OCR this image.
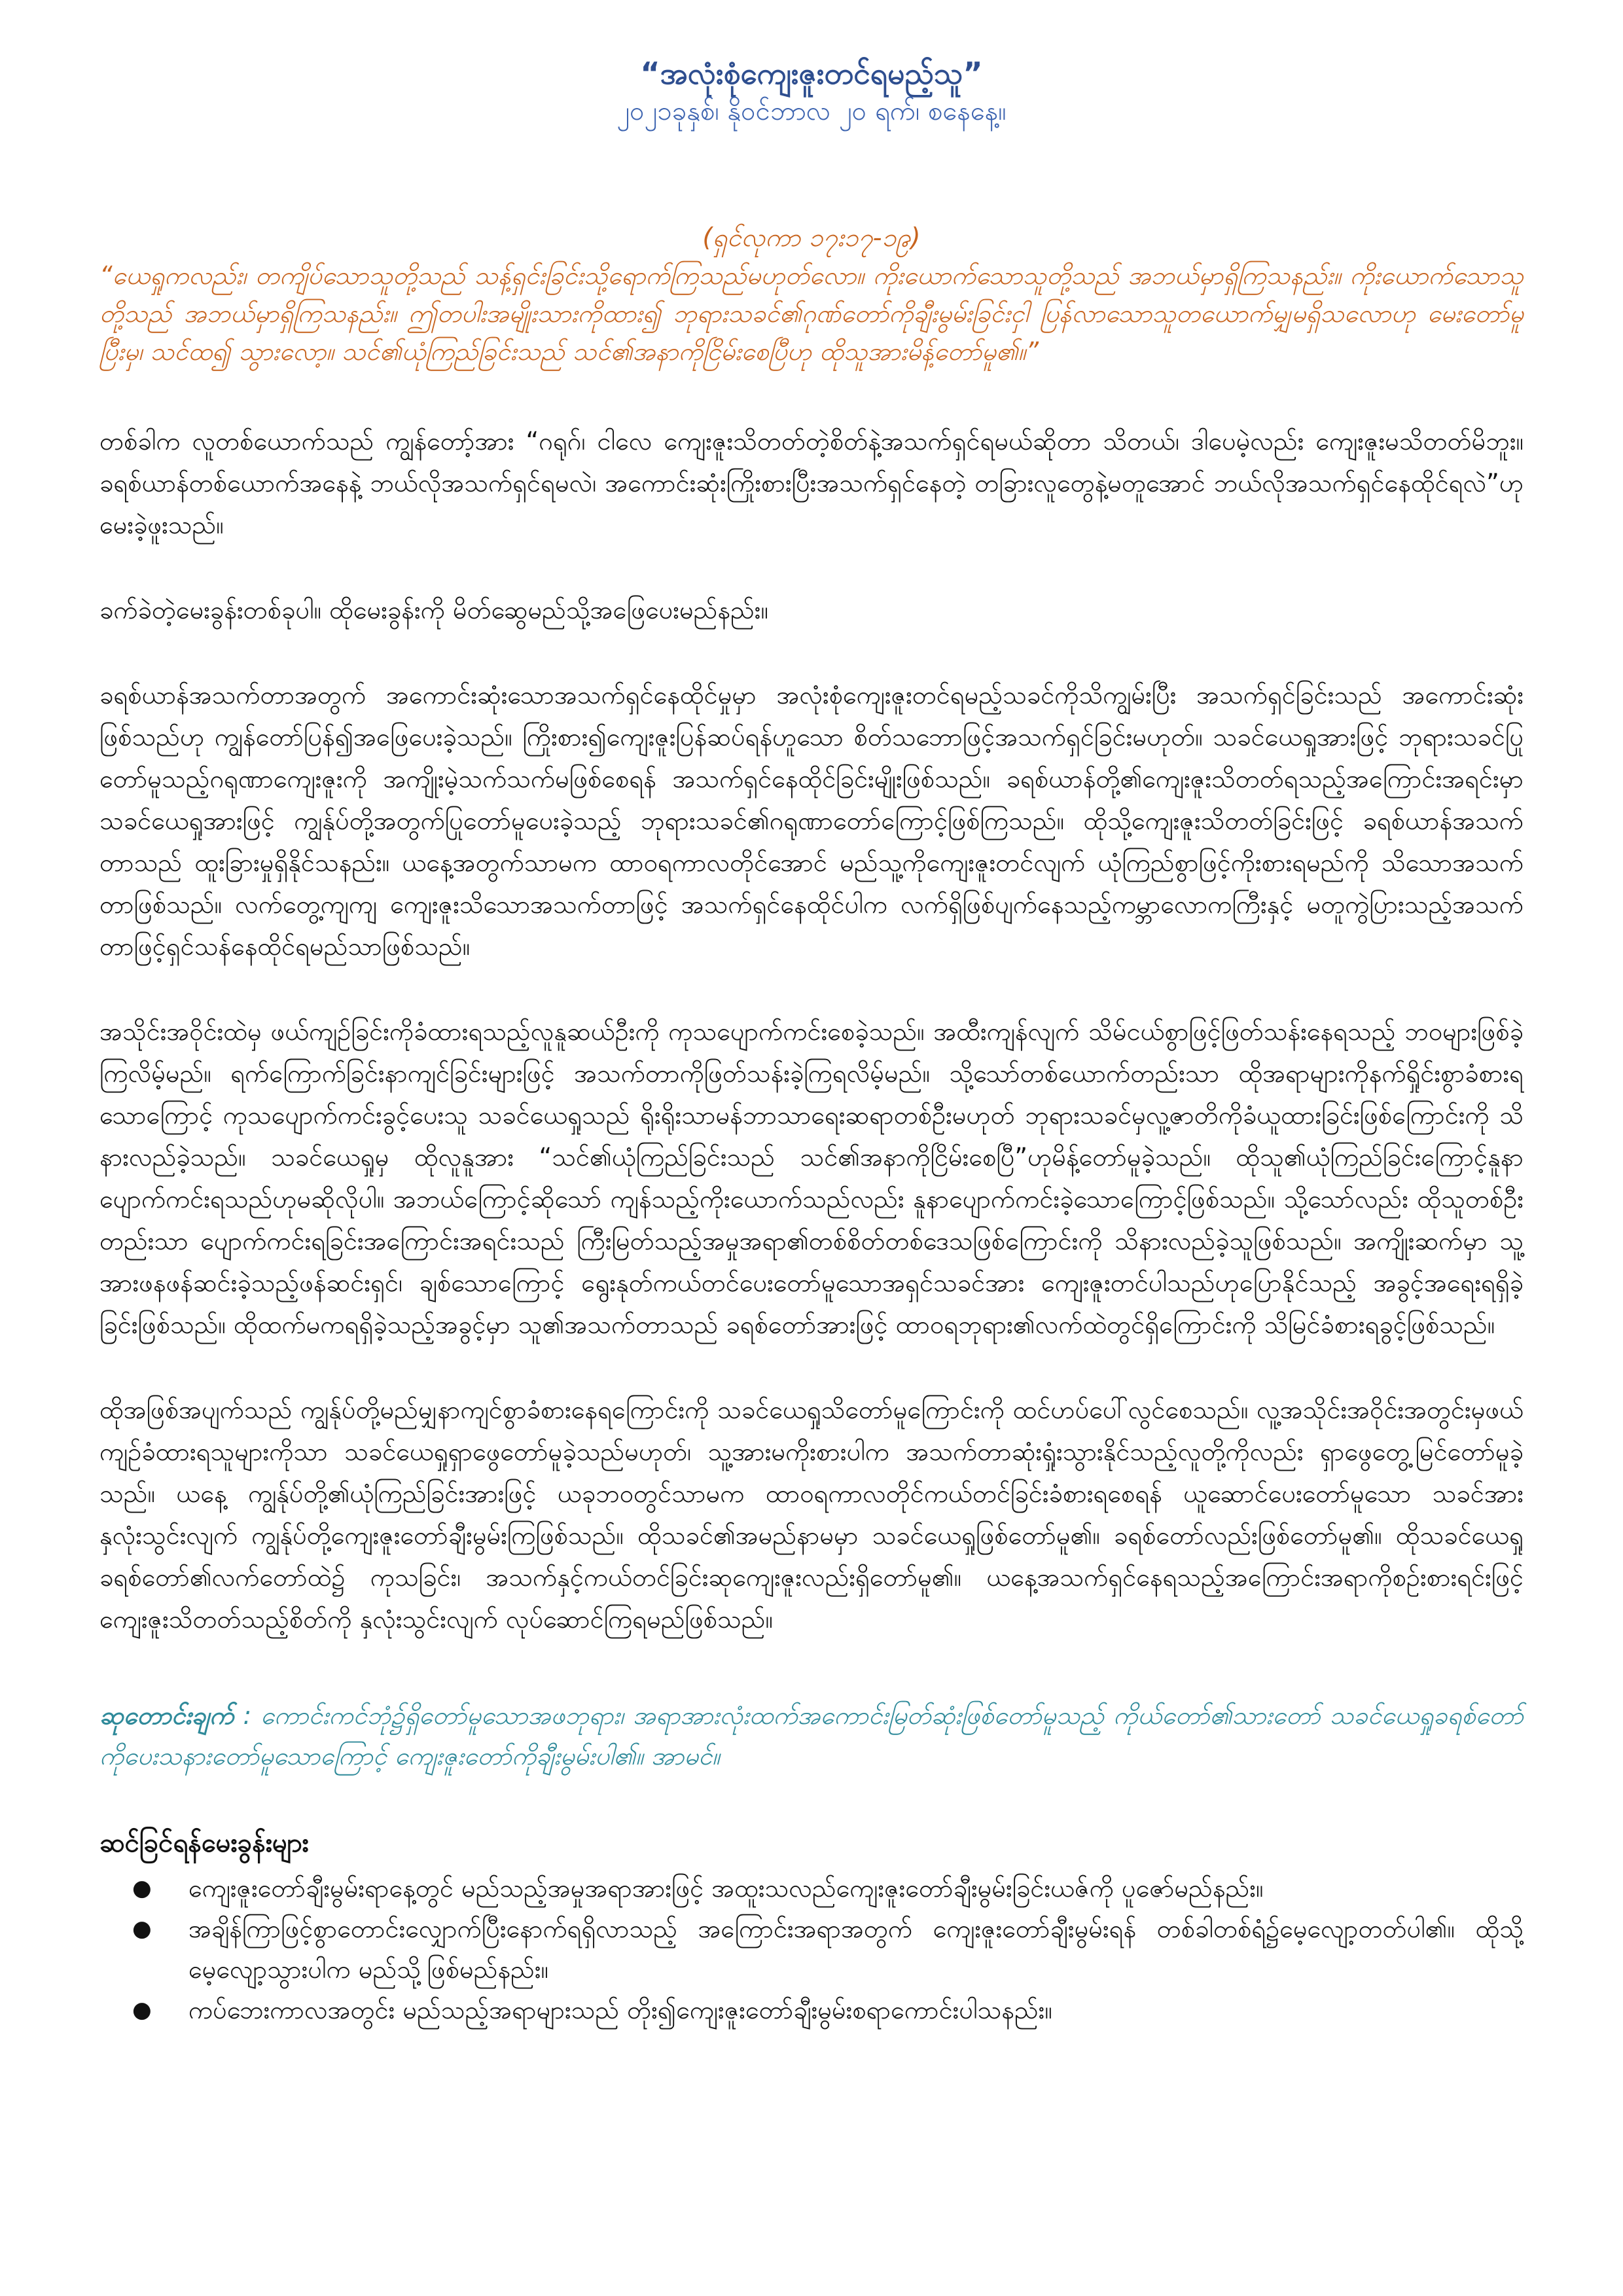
“အလုံးစုံကျေးဇူးတင်ရမည့်သူ”

၂၀၂၁ခုနှစ်၊ နိုဝင်ဘာလ ၂၀ ရက်၊ စနေနေ့။

(ရှင်လုကာ ၁၇း၁၇-၁၉)

“ယေရှုကလည်း၊ တကျိပ်သောသူတို့သည် သန့်ရှင်းခြင်းသို့ရောက်ကြသည်မဟုတ်လော။ ကိုးယောက်သောသူတို့သည် အဘယ်မှာရှိကြသနည်း။ ကိုးယောက်သောသူတို့သည် အဘယ်မှာရှိကြသနည်း။ ဤတပါးအမျိုးသားကိုထား၍ ဘုရားသခင်၏ဂုဏ်တော်ကိုချီးမွမ်းခြင်းငှါ ပြန်လာသောသူတယောက်မျှမရှိသလောဟု မေးတော်မူပြီးမှ၊ သင်ထ၍ သွားလော့။ သင်၏ယုံကြည်ခြင်းသည် သင်၏အနာကိုငြိမ်းစေပြီဟု ထိုသူအားမိန့်တော်မူ၏။”

တစ်ခါက လူတစ်ယောက်သည် ကျွန်တော့်အား “ဂရုဂ်၊ ငါလေ ကျေးဇူးသိတတ်တဲ့စိတ်နဲ့အသက်ရှင်ရမယ်ဆိုတာ သိတယ်၊ ဒါပေမဲ့လည်း ကျေးဇူးမသိတတ်မိဘူး။ ခရစ်ယာန်တစ်ယောက်အနေနဲ့ ဘယ်လိုအသက်ရှင်ရမလဲ၊ အကောင်းဆုံးကြိုးစားပြီးအသက်ရှင်နေတဲ့ တခြားလူတွေနဲ့မတူအောင် ဘယ်လိုအသက်ရှင်နေထိုင်ရလဲ”ဟုမေးခဲ့ဖူးသည်။

ခက်ခဲတဲ့မေးခွန်းတစ်ခုပါ။ ထိုမေးခွန်းကို မိတ်ဆွေမည်သို့အဖြေပေးမည်နည်း။

ခရစ်ယာန်အသက်တာအတွက် အကောင်းဆုံးသောအသက်ရှင်နေထိုင်မှုမှာ အလုံးစုံကျေးဇူးတင်ရမည့်သခင်ကိုသိကျွမ်းပြီး အသက်ရှင်ခြင်းသည် အကောင်းဆုံးဖြစ်သည်ဟု ကျွန်တော်ပြန်၍အဖြေပေးခဲ့သည်။ ကြိုးစား၍ကျေးဇူးပြန်ဆပ်ရန်ဟူသော စိတ်သဘောဖြင့်အသက်ရှင်ခြင်းမဟုတ်။ သခင်ယေရှုအားဖြင့် ဘုရားသခင်ပြုတော်မူသည့်ဂရုဏာကျေးဇူးကို အကျိုးမဲ့သက်သက်မဖြစ်စေရန် အသက်ရှင်နေထိုင်ခြင်းမျိုးဖြစ်သည်။ ခရစ်ယာန်တို့၏ကျေးဇူးသိတတ်ရသည့်အကြောင်းအရင်းမှာ သခင်ယေရှုအားဖြင့် ကျွန်ုပ်တို့အတွက်ပြုတော်မူပေးခဲ့သည့် ဘုရားသခင်၏ဂရုဏာတော်ကြောင့်ဖြစ်ကြသည်။ ထိုသို့ကျေးဇူးသိတတ်ခြင်းဖြင့် ခရစ်ယာန်အသက်တာသည် ထူးခြားမှုရှိနိုင်သနည်း။ ယနေ့အတွက်သာမက ထာဝရကာလတိုင်အောင် မည်သူ့ကိုကျေးဇူးတင်လျက် ယုံကြည်စွာဖြင့်ကိုးစားရမည်ကို သိသောအသက်တာဖြစ်သည်။ လက်တွေ့ကျကျ ကျေးဇူးသိသောအသက်တာဖြင့် အသက်ရှင်နေထိုင်ပါက လက်ရှိဖြစ်ပျက်နေသည့်ကမ္ဘာလောကကြီးနှင့် မတူကွဲပြားသည့်အသက်တာဖြင့်ရှင်သန်နေထိုင်ရမည်သာဖြစ်သည်။

အသိုင်းအဝိုင်းထဲမှ ဖယ်ကျဉ်ခြင်းကိုခံထားရသည့်လူနူဆယ်ဦးကို ကုသပျောက်ကင်းစေခဲ့သည်။ အထီးကျန်လျက် သိမ်ငယ်စွာဖြင့်ဖြတ်သန်းနေရသည့် ဘဝများဖြစ်ခဲ့ကြလိမ့်မည်။ ရက်ကြောက်ခြင်းနာကျင်ခြင်းများဖြင့် အသက်တာကိုဖြတ်သန်းခဲ့ကြရလိမ့်မည်။ သို့သော်တစ်ယောက်တည်းသာ ထိုအရာများကိုနက်ရှိုင်းစွာခံစားရသောကြောင့် ကုသပျောက်ကင်းခွင့်ပေးသူ သခင်ယေရှုသည် ရိုးရိုးသာမန်ဘာသာရေးဆရာတစ်ဦးမဟုတ် ဘုရားသခင်မှလူ့ဇာတိကိုခံယူထားခြင်းဖြစ်ကြောင်းကို သိနားလည်ခဲ့သည်။ သခင်ယေရှုမှ ထိုလူနူအား “သင်၏ယုံကြည်ခြင်းသည် သင်၏အနာကိုငြိမ်းစေပြီ”ဟုမိန့်တော်မူခဲ့သည်။ ထိုသူ၏ယုံကြည်ခြင်းကြောင့်နူနာပျောက်ကင်းရသည်ဟုမဆိုလိုပါ။ အဘယ်ကြောင့်ဆိုသော် ကျန်သည့်ကိုးယောက်သည်လည်း နူနာပျောက်ကင်းခဲ့သောကြောင့်ဖြစ်သည်။ သို့သော်လည်း ထိုသူတစ်ဦးတည်းသာ ပျောက်ကင်းရခြင်းအကြောင်းအရင်းသည် ကြီးမြတ်သည့်အမှုအရာ၏တစ်စိတ်တစ်ဒေသဖြစ်ကြောင်းကို သိနားလည်ခဲ့သူဖြစ်သည်။ အကျိုးဆက်မှာ သူ့အားဖနဖန်ဆင်းခဲ့သည့်ဖန်ဆင်းရှင်၊ ချစ်သောကြောင့် ရွေးနုတ်ကယ်တင်ပေးတော်မူသောအရှင်သခင်အား ကျေးဇူးတင်ပါသည်ဟုပြောနိုင်သည့် အခွင့်အရေးရရှိခဲ့ခြင်းဖြစ်သည်။ ထိုထက်မကရရှိခဲ့သည့်အခွင့်မှာ သူ၏အသက်တာသည် ခရစ်တော်အားဖြင့် ထာဝရဘုရား၏လက်ထဲတွင်ရှိကြောင်းကို သိမြင်ခံစားရခွင့်ဖြစ်သည်။

ထိုအဖြစ်အပျက်သည် ကျွန်ုပ်တို့မည်မျှနာကျင်စွာခံစားနေရကြောင်းကို သခင်ယေရှုသိတော်မူကြောင်းကို ထင်ဟပ်ပေါ်လွင်စေသည်။ လူ့အသိုင်းအဝိုင်းအတွင်းမှဖယ်ကျဉ်ခံထားရသူများကိုသာ သခင်ယေရှုရှာဖွေတော်မူခဲ့သည်မဟုတ်၊ သူ့အားမကိုးစားပါက အသက်တာဆုံးရှုံးသွားနိုင်သည့်လူတို့ကိုလည်း ရှာဖွေတွေ့မြင်တော်မူခဲ့သည်။ ယနေ့ ကျွန်ုပ်တို့၏ယုံကြည်ခြင်းအားဖြင့် ယခုဘဝတွင်သာမက ထာဝရကာလတိုင်ကယ်တင်ခြင်းခံစားရစေရန် ယူဆောင်ပေးတော်မူသော သခင်အားနှလုံးသွင်းလျက် ကျွန်ုပ်တို့ကျေးဇူးတော်ချီးမွမ်းကြဖြစ်သည်။ ထိုသခင်၏အမည်နာမမှာ သခင်ယေရှုဖြစ်တော်မူ၏။ ခရစ်တော်လည်းဖြစ်တော်မူ၏။ ထိုသခင်ယေရှုခရစ်တော်၏လက်တော်ထဲ၌ ကုသခြင်း၊ အသက်နှင့်ကယ်တင်ခြင်းဆုကျေးဇူးလည်းရှိတော်မူ၏။ ယနေ့အသက်ရှင်နေရသည့်အကြောင်းအရာကိုစဉ်းစားရင်းဖြင့် ကျေးဇူးသိတတ်သည့်စိတ်ကို နှလုံးသွင်းလျက် လုပ်ဆောင်ကြရမည်ဖြစ်သည်။

ဆုတောင်းချက် : ကောင်းကင်ဘုံ၌ရှိတော်မူသောအဖဘုရား၊ အရာအားလုံးထက်အကောင်းမြတ်ဆုံးဖြစ်တော်မူသည့် ကိုယ်တော်၏သားတော် သခင်ယေရှုခရစ်တော်ကိုပေးသနားတော်မူသောကြောင့် ကျေးဇူးတော်ကိုချီးမွမ်းပါ၏။ အာမင်။

ဆင်ခြင်ရန်မေးခွန်းများ
● ကျေးဇူးတော်ချီးမွမ်းရာနေ့တွင် မည်သည့်အမှုအရာအားဖြင့် အထူးသလည်ကျေးဇူးတော်ချီးမွမ်းခြင်းယဇ်ကို ပူဇော်မည်နည်း။
● အချိန်ကြာဖြင့်စွာတောင်းလျှောက်ပြီးနောက်ရရှိလာသည့် အကြောင်းအရာအတွက် ကျေးဇူးတော်ချီးမွမ်းရန် တစ်ခါတစ်ရံ၌မေ့လျော့တတ်ပါ၏။ ထိုသို့မေ့လျော့သွားပါက မည်သို့ဖြစ်မည်နည်း။
● ကပ်ဘေးကာလအတွင်း မည်သည့်အရာများသည် တိုး၍ကျေးဇူးတော်ချီးမွမ်းစရာကောင်းပါသနည်း။
